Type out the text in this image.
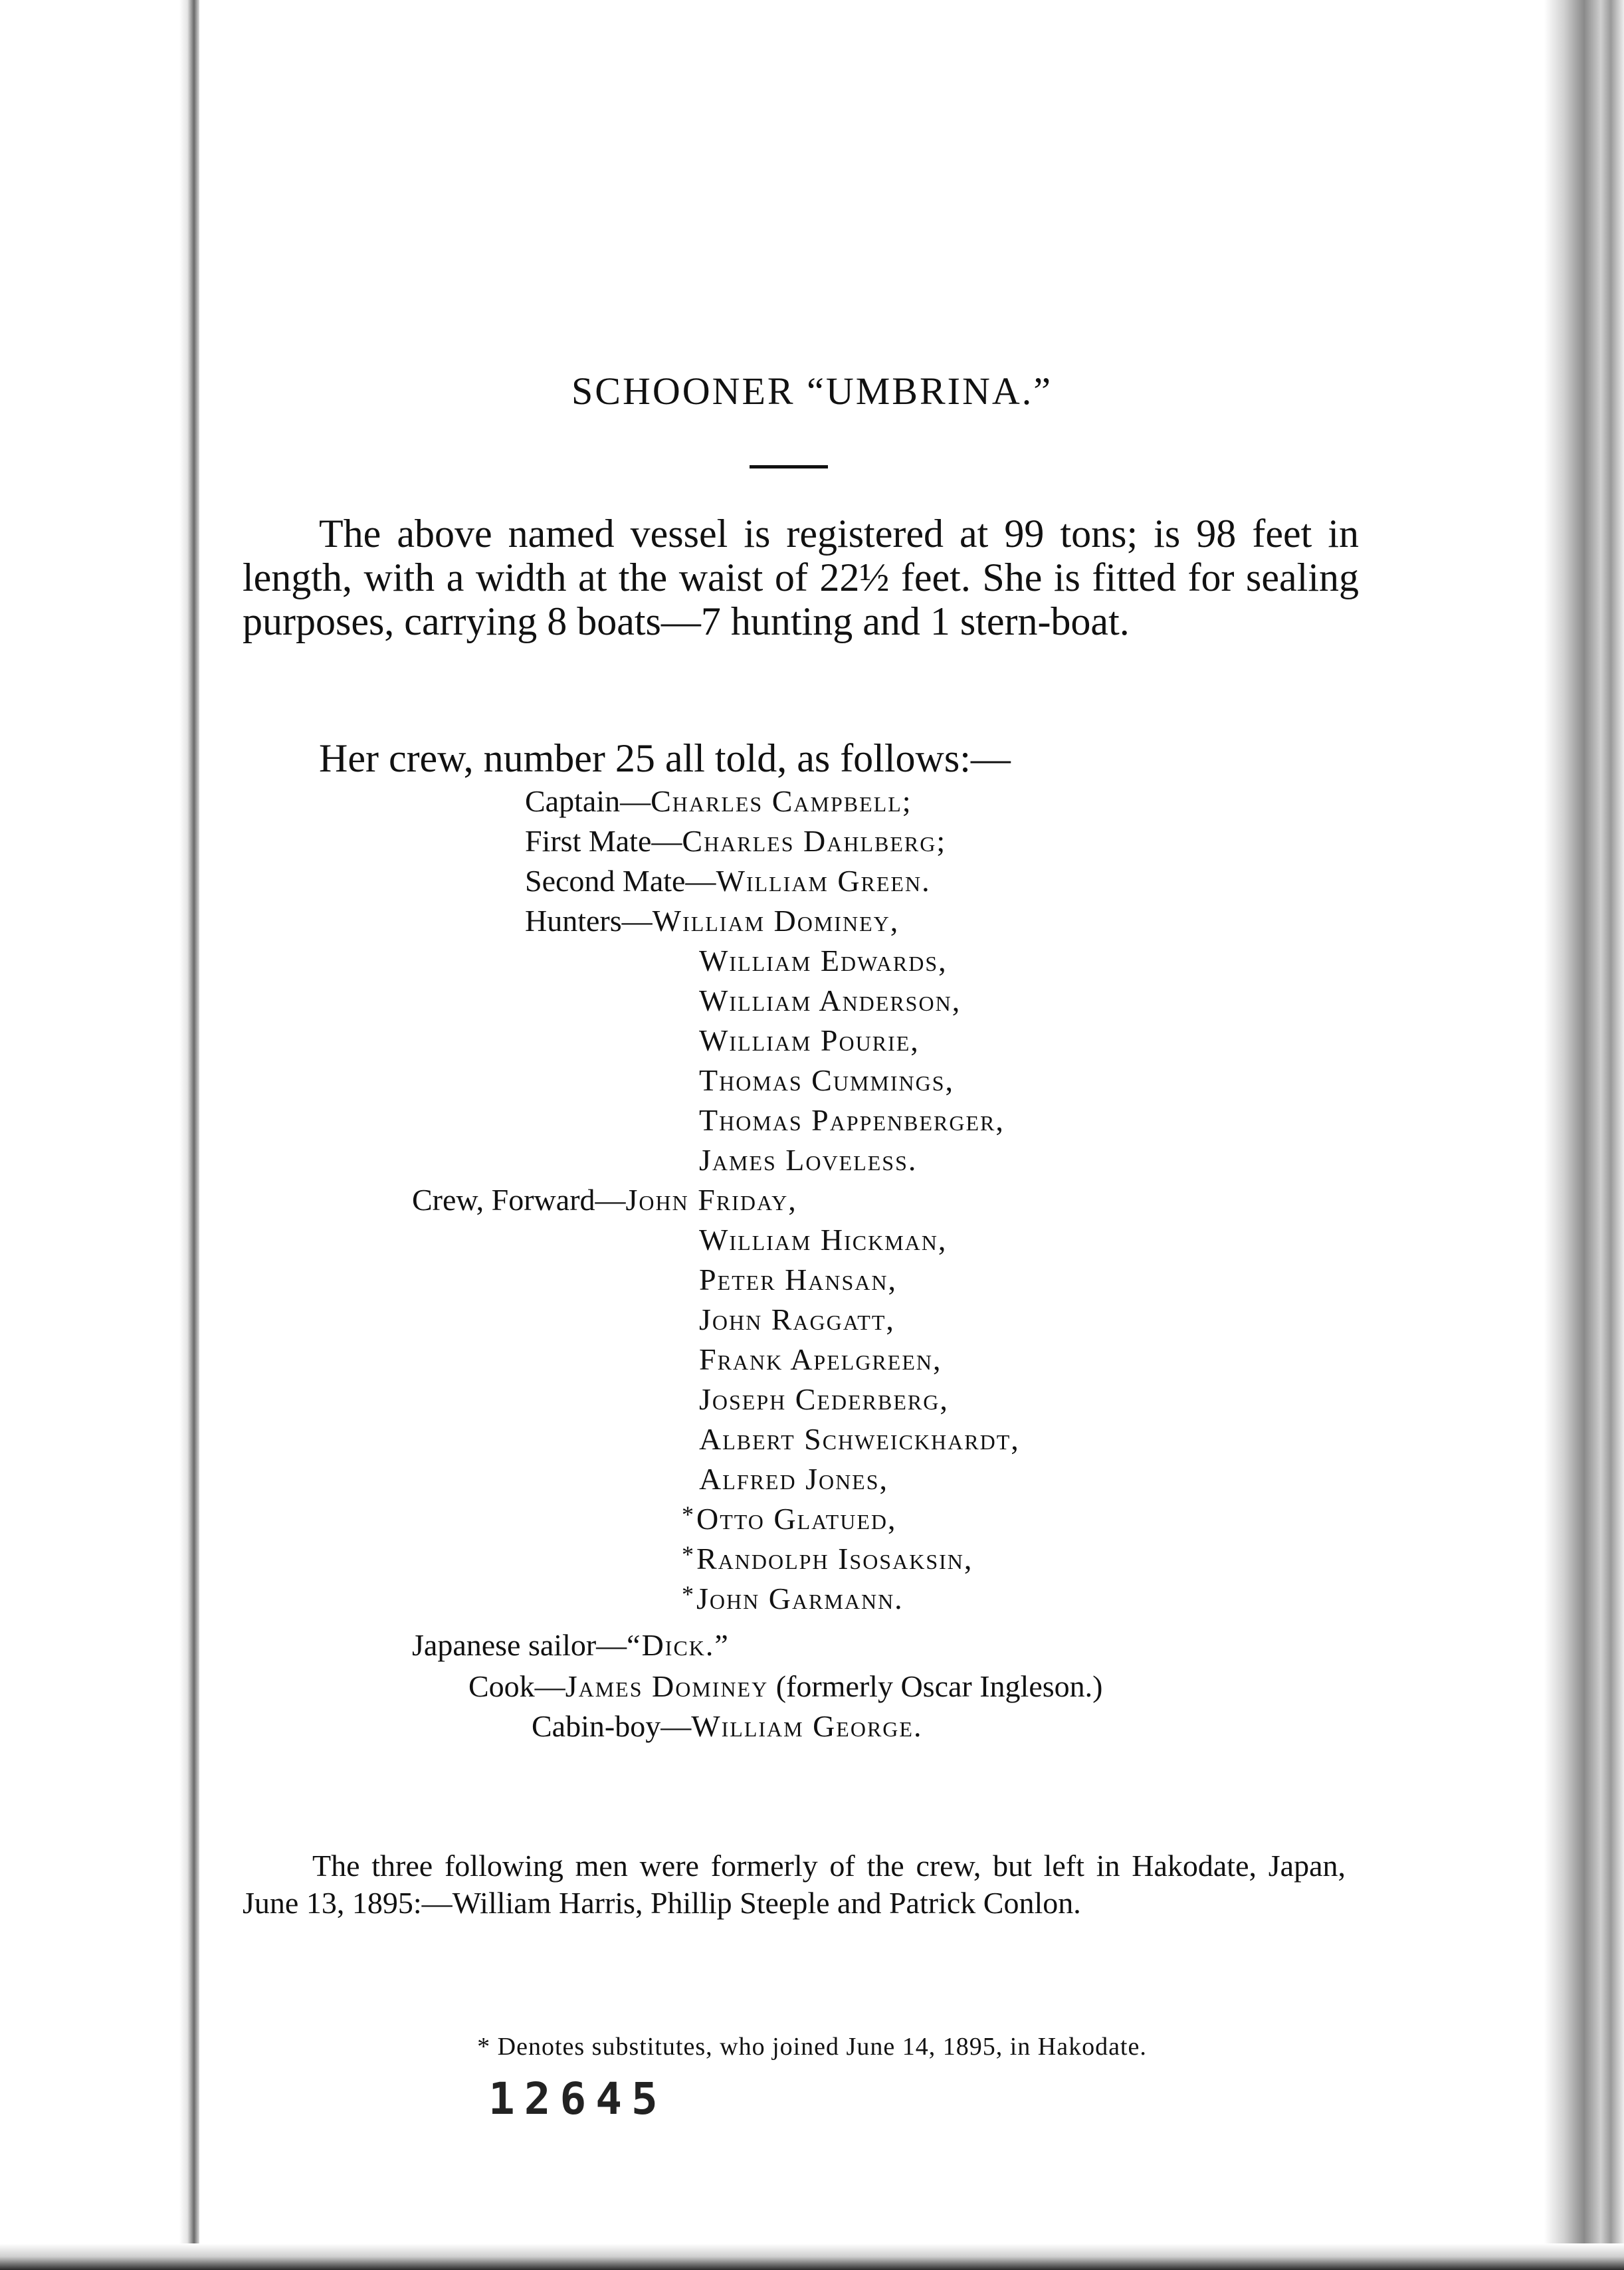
SCHOONER “UMBRINA.”

The above named vessel is registered at 99 tons; is 98 feet in length, with a width at the waist of 22½ feet. She is fitted for sealing purposes, carrying 8 boats—7 hunting and 1 stern-boat.

Her crew, number 25 all told, as follows:—

Captain—Charles Campbell;

First Mate—Charles Dahlberg;

Second Mate—William Green.

Hunters—William Dominey,

William Edwards,

William Anderson,

William Pourie,

Thomas Cummings,

Thomas Pappenberger,

James Loveless.

Crew, Forward—John Friday,

William Hickman,

Peter Hansan,

John Raggatt,

Frank Apelgreen,

Joseph Cederberg,

Albert Schweickhardt,

Alfred Jones,

*Otto Glatued,

*Randolph Isosaksin,

*John Garmann.

Japanese sailor—“Dick.”

Cook—James Dominey (formerly Oscar Ingleson.)

Cabin-boy—William George.

The three following men were formerly of the crew, but left in Hakodate, Japan, June 13, 1895:—William Harris, Phillip Steeple and Patrick Conlon.

* Denotes substitutes, who joined June 14, 1895, in Hakodate.

12645
